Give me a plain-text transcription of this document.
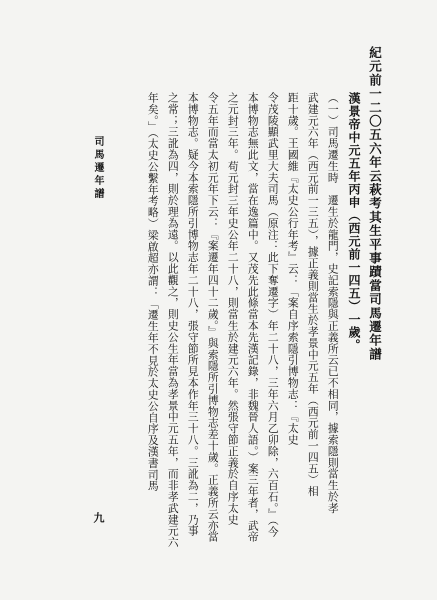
紀元前一二〇五六年云萩考其生平事蹟當司馬遷年譜
漢景帝中元五年丙申（西元前一四五）一歲。
（一）司馬遷生時　遷生於龍門，史記索隱與正義所云已不相同，據索隱則當生於孝
武建元六年（西元前一三五），據正義則當生於孝景中元五年（西元前一四五）相
距十歲。王國維『太史公行年考』云：「案自序索隱引博物志：『太史
令茂陵顯武里大夫司馬（原注：此下奪遷字）年二十八，三年六月乙卯除，六百石。』（今
本博物志無此文，當在逸篇中。又茂先此條當本先漢記錄，非魏晉人語。）案三年者，武帝
之元封三年。苟元封三年史公年二十八，則當生於建元六年。然張守節正義於自序太史
令五年而當太初元年下云：『案遷年四十二歲。』與索隱所引博物志差十歲。正義所云亦當
本博物志。疑今本索隱所引博物志年二十八，張守節所見本作年三十八。三訛為二，乃事
之常；三訛為四，則於理為遠。以此觀之，則史公生年當為孝景中元五年，而非孝武建元六
年矣。」（太史公繫年考略）梁啟超亦謂：「遷生年不見於太史公自序及漢書司馬
司馬遷年譜
九
